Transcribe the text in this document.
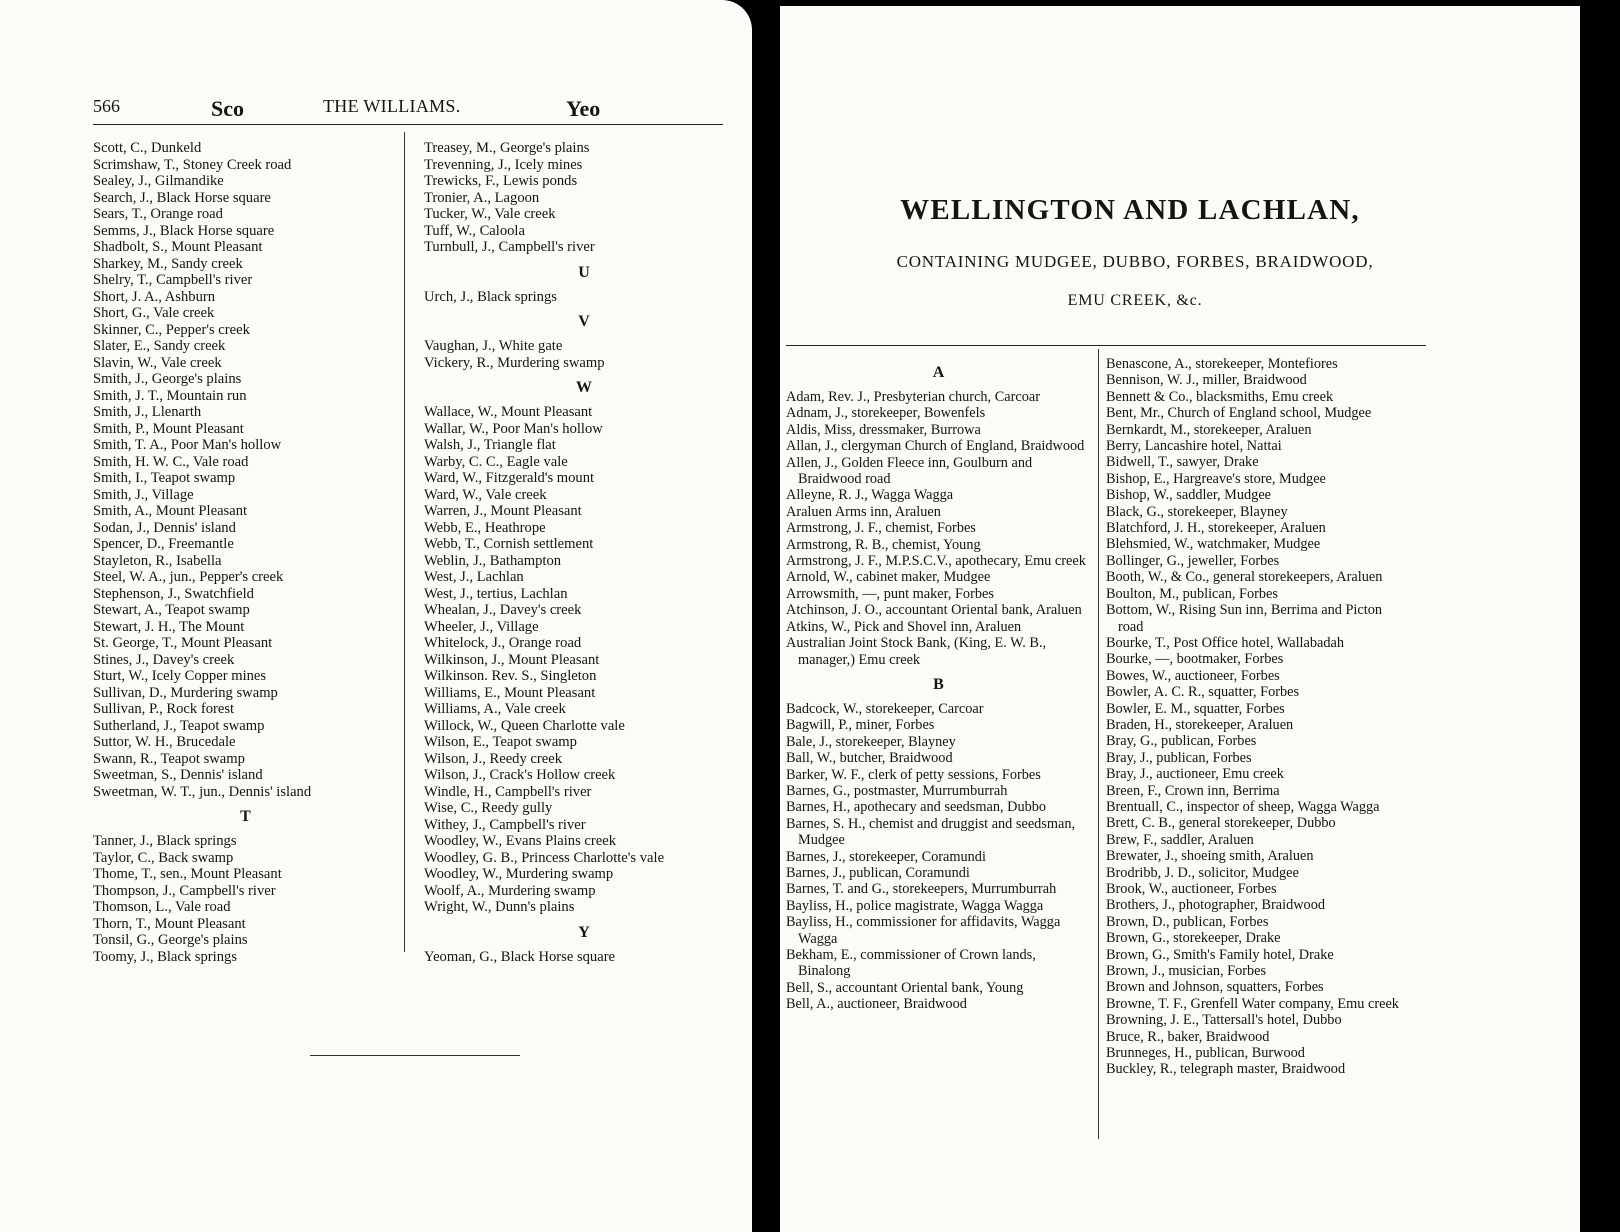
566	Sco	THE WILLIAMS.	Yeo
Scott, C., Dunkeld
Scrimshaw, T., Stoney Creek road
Sealey, J., Gilmandike
Search, J., Black Horse square
Sears, T., Orange road
Semms, J., Black Horse square
Shadbolt, S., Mount Pleasant
Sharkey, M., Sandy creek
Shelry, T., Campbell's river
Short, J. A., Ashburn
Short, G., Vale creek
Skinner, C., Pepper's creek
Slater, E., Sandy creek
Slavin, W., Vale creek
Smith, J., George's plains
Smith, J. T., Mountain run
Smith, J., Llenarth
Smith, P., Mount Pleasant
Smith, T. A., Poor Man's hollow
Smith, H. W. C., Vale road
Smith, I., Teapot swamp
Smith, J., Village
Smith, A., Mount Pleasant
Sodan, J., Dennis' island
Spencer, D., Freemantle
Stayleton, R., Isabella
Steel, W. A., jun., Pepper's creek
Stephenson, J., Swatchfield
Stewart, A., Teapot swamp
Stewart, J. H., The Mount
St. George, T., Mount Pleasant
Stines, J., Davey's creek
Sturt, W., Icely Copper mines
Sullivan, D., Murdering swamp
Sullivan, P., Rock forest
Sutherland, J., Teapot swamp
Suttor, W. H., Brucedale
Swann, R., Teapot swamp
Sweetman, S., Dennis' island
Sweetman, W. T., jun., Dennis' island
T
Tanner, J., Black springs
Taylor, C., Back swamp
Thome, T., sen., Mount Pleasant
Thompson, J., Campbell's river
Thomson, L., Vale road
Thorn, T., Mount Pleasant
Tonsil, G., George's plains
Toomy, J., Black springs
Treasey, M., George's plains
Trevenning, J., Icely mines
Trewicks, F., Lewis ponds
Tronier, A., Lagoon
Tucker, W., Vale creek
Tuff, W., Caloola
Turnbull, J., Campbell's river
U
Urch, J., Black springs
V
Vaughan, J., White gate
Vickery, R., Murdering swamp
W
Wallace, W., Mount Pleasant
Wallar, W., Poor Man's hollow
Walsh, J., Triangle flat
Warby, C. C., Eagle vale
Ward, W., Fitzgerald's mount
Ward, W., Vale creek
Warren, J., Mount Pleasant
Webb, E., Heathrope
Webb, T., Cornish settlement
Weblin, J., Bathampton
West, J., Lachlan
West, J., tertius, Lachlan
Whealan, J., Davey's creek
Wheeler, J., Village
Whitelock, J., Orange road
Wilkinson, J., Mount Pleasant
Wilkinson. Rev. S., Singleton
Williams, E., Mount Pleasant
Williams, A., Vale creek
Willock, W., Queen Charlotte vale
Wilson, E., Teapot swamp
Wilson, J., Reedy creek
Wilson, J., Crack's Hollow creek
Windle, H., Campbell's river
Wise, C., Reedy gully
Withey, J., Campbell's river
Woodley, W., Evans Plains creek
Woodley, G. B., Princess Charlotte's vale
Woodley, W., Murdering swamp
Woolf, A., Murdering swamp
Wright, W., Dunn's plains
Y
Yeoman, G., Black Horse square
WELLINGTON AND LACHLAN,
CONTAINING MUDGEE, DUBBO, FORBES, BRAIDWOOD,
EMU CREEK, &c.
A
Adam, Rev. J., Presbyterian church, Carcoar
Adnam, J., storekeeper, Bowenfels
Aldis, Miss, dressmaker, Burrowa
Allan, J., clergyman Church of England, Braidwood
Allen, J., Golden Fleece inn, Goulburn and Braidwood road
Alleyne, R. J., Wagga Wagga
Araluen Arms inn, Araluen
Armstrong, J. F., chemist, Forbes
Armstrong, R. B., chemist, Young
Armstrong, J. F., M.P.S.C.V., apothecary, Emu creek
Arnold, W., cabinet maker, Mudgee
Arrowsmith, —, punt maker, Forbes
Atchinson, J. O., accountant Oriental bank, Araluen
Atkins, W., Pick and Shovel inn, Araluen
Australian Joint Stock Bank, (King, E. W. B., manager,) Emu creek
B
Badcock, W., storekeeper, Carcoar
Bagwill, P., miner, Forbes
Bale, J., storekeeper, Blayney
Ball, W., butcher, Braidwood
Barker, W. F., clerk of petty sessions, Forbes
Barnes, G., postmaster, Murrumburrah
Barnes, H., apothecary and seedsman, Dubbo
Barnes, S. H., chemist and druggist and seedsman, Mudgee
Barnes, J., storekeeper, Coramundi
Barnes, J., publican, Coramundi
Barnes, T. and G., storekeepers, Murrumburrah
Bayliss, H., police magistrate, Wagga Wagga
Bayliss, H., commissioner for affidavits, Wagga Wagga
Bekham, E., commissioner of Crown lands, Binalong
Bell, S., accountant Oriental bank, Young
Bell, A., auctioneer, Braidwood
Benascone, A., storekeeper, Montefiores
Bennison, W. J., miller, Braidwood
Bennett & Co., blacksmiths, Emu creek
Bent, Mr., Church of England school, Mudgee
Bernkardt, M., storekeeper, Araluen
Berry, Lancashire hotel, Nattai
Bidwell, T., sawyer, Drake
Bishop, E., Hargreave's store, Mudgee
Bishop, W., saddler, Mudgee
Black, G., storekeeper, Blayney
Blatchford, J. H., storekeeper, Araluen
Blehsmied, W., watchmaker, Mudgee
Bollinger, G., jeweller, Forbes
Booth, W., & Co., general storekeepers, Araluen
Boulton, M., publican, Forbes
Bottom, W., Rising Sun inn, Berrima and Picton road
Bourke, T., Post Office hotel, Wallabadah
Bourke, —, bootmaker, Forbes
Bowes, W., auctioneer, Forbes
Bowler, A. C. R., squatter, Forbes
Bowler, E. M., squatter, Forbes
Braden, H., storekeeper, Araluen
Bray, G., publican, Forbes
Bray, J., publican, Forbes
Bray, J., auctioneer, Emu creek
Breen, F., Crown inn, Berrima
Brentuall, C., inspector of sheep, Wagga Wagga
Brett, C. B., general storekeeper, Dubbo
Brew, F., saddler, Araluen
Brewater, J., shoeing smith, Araluen
Brodribb, J. D., solicitor, Mudgee
Brook, W., auctioneer, Forbes
Brothers, J., photographer, Braidwood
Brown, D., publican, Forbes
Brown, G., storekeeper, Drake
Brown, G., Smith's Family hotel, Drake
Brown, J., musician, Forbes
Brown and Johnson, squatters, Forbes
Browne, T. F., Grenfell Water company, Emu creek
Browning, J. E., Tattersall's hotel, Dubbo
Bruce, R., baker, Braidwood
Brunneges, H., publican, Burwood
Buckley, R., telegraph master, Braidwood
